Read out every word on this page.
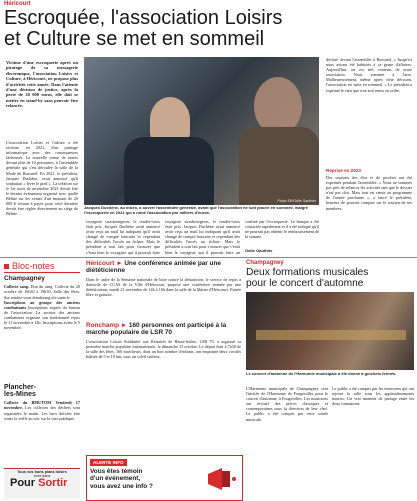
Héricourt
Escroquée, l'association Loisirs
et Culture se met en sommeil
Victime d'une escroquerie après un piratage de sa messagerie électronique, l'association Loisirs et Culture, à Héricourt, ne propose plus d'activités cette année. Dans l'attente d'une décision de justice, après la perte de 20 000 euros, elle doit se mettre en stand-by sans pouvoir être relancée.
Photo ER/Odile Gauthier
Jacques Duchêne, au micro, a ouvert l'assemblée générale, avant que l'association ne soit placée en sommeil, malgré l'escroquerie en 2021 qui a ruiné l'association par milliers d'euros.
L'association Loisirs et Culture a été victime, en 2021, d'un piratage informatique avec des conséquences fâcheuses. La nouvelle venue de toutes devant plus de 10 personnes, à l'assemblée générale qui s'est déroulée la salle de la Mode de Bussurel. En 2021, le président, Jacques Duchêne, avait annoncé qu'il souhaitait « lever le pied ». La création sur le 1er mois de novembre 2021 devait être le dernier événement organisé avec quelle Béline sur les ventes d'un montant de 20 000 € restant à payer pour cette dernière devait être réglée directement au siège de Béline.
voyagiste strasbourgeois, le rendez-vous était pris. Jacques Duchêne avait annoncé avoir reçu un mail lui indiquant qu'il avait changé de compte bancaire et cependant des difficultés l'accès au fichier. Mais le président a tout fait pour s'assurer que c'était bien le voyagiste qui il pouvait faire
voyagiste strasbourgeois, le rendez-vous était pris. Jacques Duchêne avait annoncé avoir reçu un mail lui indiquant qu'il avait changé de compte bancaire et cependant des difficultés l'accès au fichier. Mais le président a tout fait pour s'assurer que c'était bien le voyagiste qui il pouvait faire un
confiné par l'escroquerie. Le banque a été contactée rapidement et il a été indiqué qu'il ne pourrait pas obtenir le remboursement de la somme.
Odile Gauthier
déclaré devant l'assemblée à Bussurel. « Jusqu'ici nous avions été habitués à ce genre d'affaires. Aujourd'hui, on est très contents de notre association. Nous sommes à l'aise. Malheureusement, même après cette décision, l'association est mise en sommeil. » Le président a exprimé le vœu que tout soit remis en ordre.
Reprise en 2023
Des soutiens des élus et de proches ont été exprimés pendant l'assemblée. « Nous ne sommes pas près de relancer les activités tant que le dossier n'est pas clos. Mais tout est remis au programme de l'année prochaine », a lancé le président, heureux de pouvoir compter sur le soutien de ses membres.
Bloc-notes
Champagney
Collecte sang. Don du sang, Collecte du 20 octobre de 16h30 à 19h30. Salle des fêtes. Sur rendez-vous dondesang.efs.sante.fr
Inscriptions au groupe des anciens combattants Inscriptions auprès du bureau de l'association. La section des anciens combattants organise son traditionnel repas le 11 novembre à 12h. Inscriptions avant le 5 novembre.
Plancher-
les-Mines
Collecte du BMUTOM Vendredi 17 novembre. Les collectes des déchets sont organisées le matin. Les bacs doivent être sortis la veille au soir sur la voie publique.
Tous vos bons plans loisirs
sont dans
Pour Sortir
Héricourt ► Une conférence animée par une diététicienne
Dans le cadre de la Semaine nationale de lutte contre la dénutrition, le service de repas à domicile de CCAS de la Ville d'Héricourt, propose une conférence animée par une diététicienne, mardi 21 novembre de 14h à 16h dans la salle de la Mairie d'Héricourt. Entrée libre et gratuite.
Ronchamp ► 160 personnes ont participé à la marche populaire de LSR 70
L'association Loisirs Solidarité aux Retraités de Haute-Saône, LSR 70, a organisé sa première marche populaire internationale, le dimanche 15 octobre. Le départ était à 7h30 de la salle des fêtes. 160 marcheurs, dont un bon nombre d'enfants, ont emprunté deux circuits balisés de 5 et 10 km, sous un soleil radieux.
ALERTE INFO
Vous êtes témoin
d'un événement,
vous avez une info ?
Champagney
Deux formations musicales
pour le concert d'automne
Le concert d'automne de l'Harmonie municipale a été donné à guichets fermés.
L'Harmonie municipale de Champagney sera l'invitée de l'Harmonie de Fougerolles pour le concert d'automne, à Fougerolles. Les musiciens ont revisité des pièces classiques et contemporaines sous la direction de leur chef. Le public a été conquis par cette soirée musicale.
Le public a été conquis par les musiciens qui ont rejoint la salle sous les applaudissements nourris. Un vrai moment de partage entre les deux formations.
